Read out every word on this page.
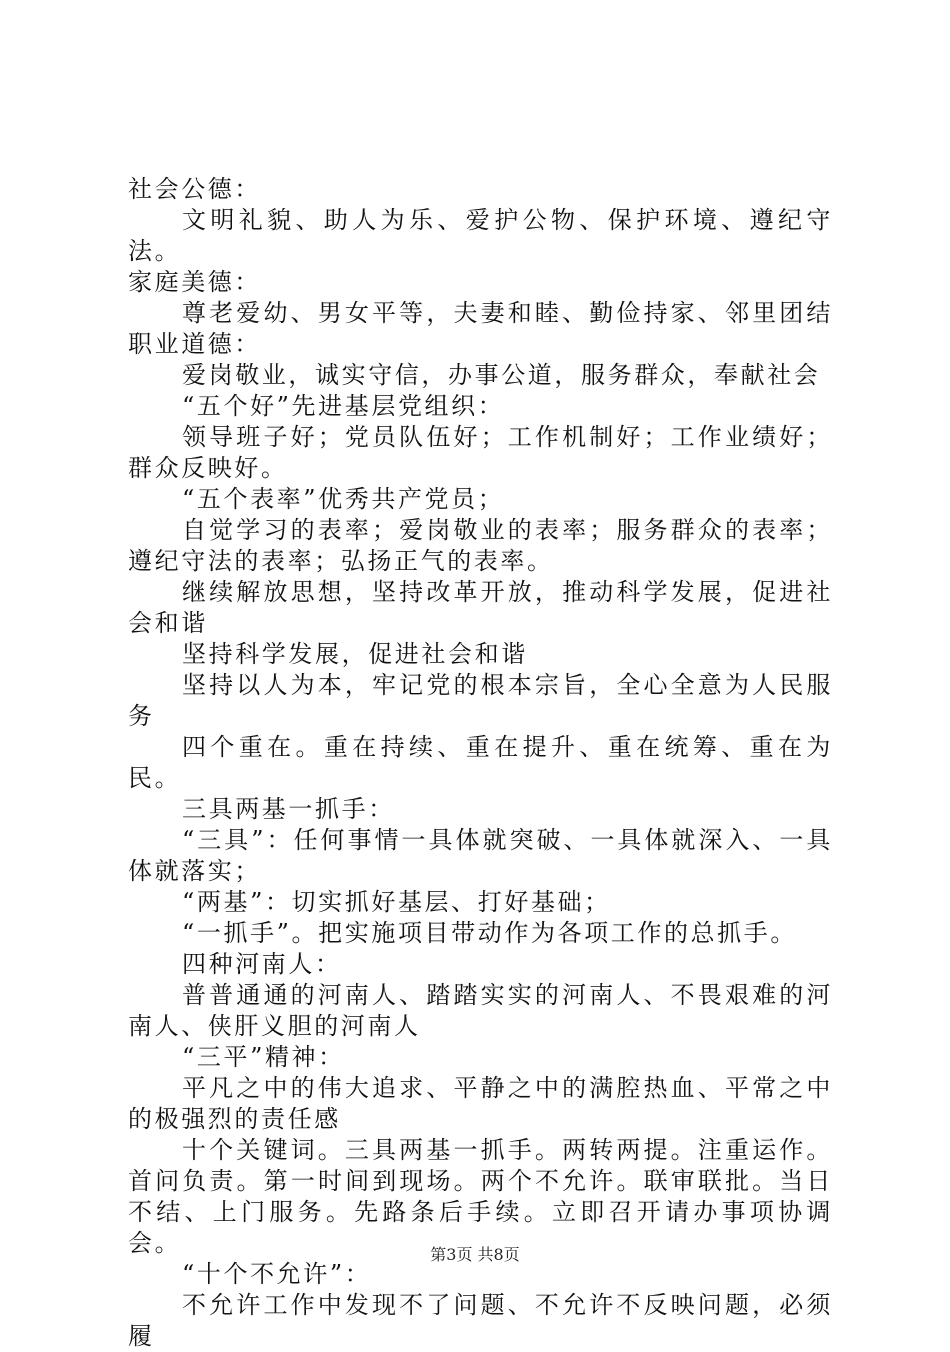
社会公德：

文明礼貌、助人为乐、爱护公物、保护环境、遵纪守法。

家庭美德：

尊老爱幼、男女平等，夫妻和睦、勤俭持家、邻里团结职业道德：

爱岗敬业，诚实守信，办事公道，服务群众，奉献社会

“五个好”先进基层党组织：

领导班子好；党员队伍好；工作机制好；工作业绩好；群众反映好。

“五个表率”优秀共产党员；

自觉学习的表率；爱岗敬业的表率；服务群众的表率；遵纪守法的表率；弘扬正气的表率。

继续解放思想，坚持改革开放，推动科学发展，促进社会和谐

坚持科学发展，促进社会和谐

坚持以人为本，牢记党的根本宗旨，全心全意为人民服务

四个重在。重在持续、重在提升、重在统筹、重在为民。

三具两基一抓手：

“三具”：任何事情一具体就突破、一具体就深入、一具体就落实；

“两基”：切实抓好基层、打好基础；

“一抓手”。把实施项目带动作为各项工作的总抓手。

四种河南人：

普普通通的河南人、踏踏实实的河南人、不畏艰难的河南人、侠肝义胆的河南人

“三平”精神：

平凡之中的伟大追求、平静之中的满腔热血、平常之中的极强烈的责任感

十个关键词。三具两基一抓手。两转两提。注重运作。首问负责。第一时间到现场。两个不允许。联审联批。当日不结、上门服务。先路条后手续。立即召开请办事项协调会。

“十个不允许”：

不允许工作中发现不了问题、不允许不反映问题，必须履

第3页 共8页
